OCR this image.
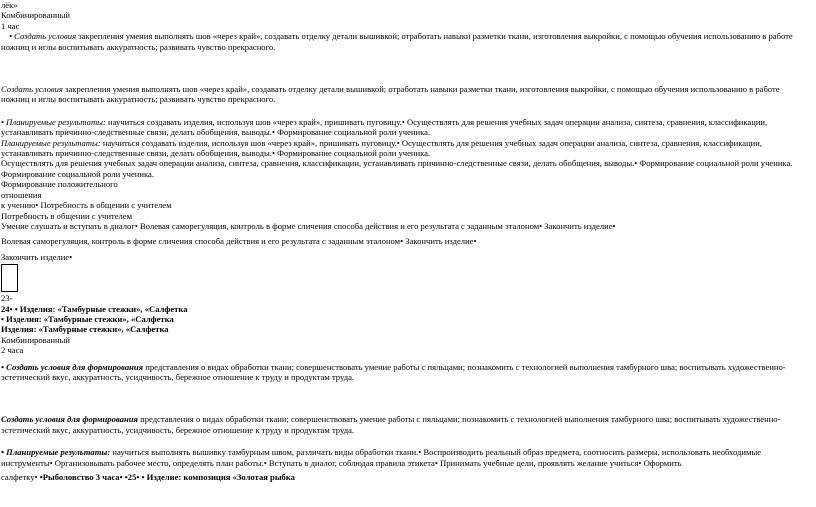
лёк»
Комбинированный
1 час
• Создать условия закрепления умения выполнять шов «через край», создавать отделку детали вышивкой; отработать навыки разметки ткани, изготовления выкройки, с помощью обучения использованию в работе ножниц и иглы воспитывать аккуратность; развивать чувство прекрасного.
Создать условия закрепления умения выполнять шов «через край», создавать отделку детали вышивкой; отработать навыки разметки ткани, изготовления выкройки, с помощью обучения использованию в работе ножниц и иглы воспитывать аккуратность; развивать чувство прекрасного.
• Планируемые результаты: научиться создавать изделия, используя шов «через край», пришивать пуговицу.• Осуществлять для решения учебных задач операции анализа, синтеза, сравнения, классификации, устанавливать причинно-следственные связи, делать обобщения, выводы.• Формирование социальной роли ученика.
Планируемые результаты: научиться создавать изделия, используя шов «через край», пришивать пуговицу.• Осуществлять для решения учебных задач операции анализа, синтеза, сравнения, классификации, устанавливать причинно-следственные связи, делать обобщения, выводы.• Формирование социальной роли ученика.
Осуществлять для решения учебных задач операции анализа, синтеза, сравнения, классификации, устанавливать причинно-следственные связи, делать обобщения, выводы.• Формирование социальной роли ученика.
Формирование социальной роли ученика.
Формирование положительного
отношения
к учению• Потребность в общении с учителем
Потребность в общении с учителем
Умение слушать и вступать в диалог• Волевая саморегуляция, контроль в форме сличения способа действия и его результата с заданным эталоном• Закончить изделие•
Волевая саморегуляция, контроль в форме сличения способа действия и его результата с заданным эталоном• Закончить изделие•
Закончить изделие•
23-
24• • Изделия: «Тамбурные стежки», «Салфетка
• Изделия: «Тамбурные стежки», «Салфетка
Изделия: «Тамбурные стежки», «Салфетка
Комбинированный
2 часа
• Создать условия для формирования представления о видах обработки ткани; совершенствовать умение работы с пяльцами; познакомить с технологией выполнения тамбурного шва; воспитывать художественно-эстетический вкус, аккуратность, усидчивость, бережное отношение к труду и продуктам труда.
Создать условия для формирования представления о видах обработки ткани; совершенствовать умение работы с пяльцами; познакомить с технологией выполнения тамбурного шва; воспитывать художественно-эстетический вкус, аккуратность, усидчивость, бережное отношение к труду и продуктам труда.
• Планируемые результаты: научиться выполнять вышивку тамбурным швом, различать виды обработки ткани.• Воспроизводить реальный образ предмета, соотносить размеры, использовать необходимые инструменты• Организовывать рабочее место, определять план работы.• Вступать в диалог, соблюдая правила этикета• Принимать учебные цели, проявлять желание учиться• Оформить
салфетку• •Рыболовство 3 часа• •25• • Изделие: композиция «Золотая рыбка
